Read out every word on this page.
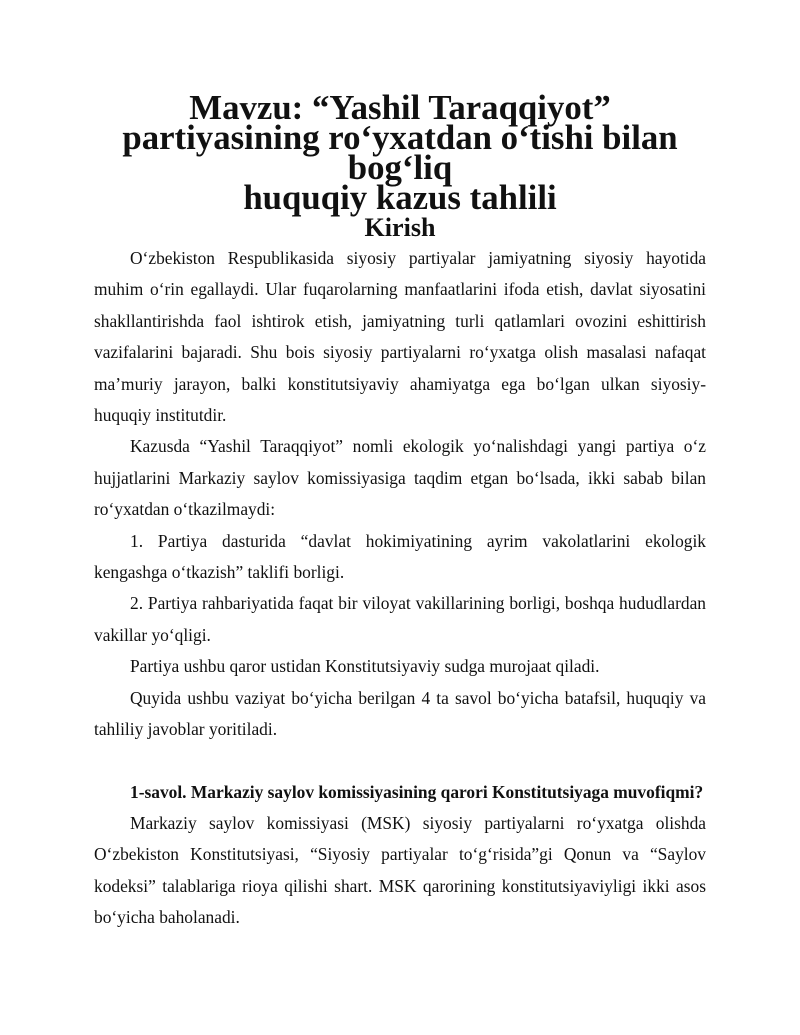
Mavzu: “Yashil Taraqqiyot” partiyasining ro‘yxatdan o‘tishi bilan bog‘liq
huquqiy kazus tahlili
Kirish

O‘zbekiston Respublikasida siyosiy partiyalar jamiyatning siyosiy hayotida muhim o‘rin egallaydi. Ular fuqarolarning manfaatlarini ifoda etish, davlat siyosatini shakllantirishda faol ishtirok etish, jamiyatning turli qatlamlari ovozini eshittirish vazifalarini bajaradi. Shu bois siyosiy partiyalarni ro‘yxatga olish masalasi nafaqat ma’muriy jarayon, balki konstitutsiyaviy ahamiyatga ega bo‘lgan ulkan siyosiy-huquqiy institutdir.

Kazusda “Yashil Taraqqiyot” nomli ekologik yo‘nalishdagi yangi partiya o‘z hujjatlarini Markaziy saylov komissiyasiga taqdim etgan bo‘lsada, ikki sabab bilan ro‘yxatdan o‘tkazilmaydi:

1. Partiya dasturida “davlat hokimiyatining ayrim vakolatlarini ekologik kengashga o‘tkazish” taklifi borligi.

2. Partiya rahbariyatida faqat bir viloyat vakillarining borligi, boshqa hududlardan vakillar yo‘qligi.

Partiya ushbu qaror ustidan Konstitutsiyaviy sudga murojaat qiladi.

Quyida ushbu vaziyat bo‘yicha berilgan 4 ta savol bo‘yicha batafsil, huquqiy va tahliliy javoblar yoritiladi.

1-savol. Markaziy saylov komissiyasining qarori Konstitutsiyaga muvofiqmi?

Markaziy saylov komissiyasi (MSK) siyosiy partiyalarni ro‘yxatga olishda O‘zbekiston Konstitutsiyasi, “Siyosiy partiyalar to‘g‘risida”gi Qonun va “Saylov kodeksi” talablariga rioya qilishi shart. MSK qarorining konstitutsiyaviyligi ikki asos bo‘yicha baholanadi.
